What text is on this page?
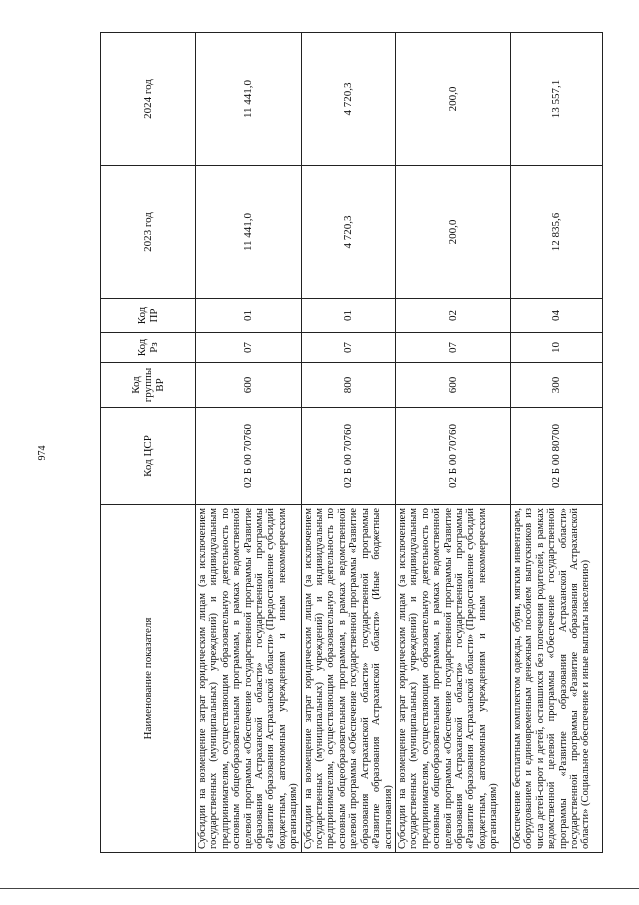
974
Наименование показателя	Код ЦСР	Код группы ВР	Код Рз	Код ПР	2023 год	2024 год
Субсидии на возмещение затрат юридическим лицам (за исключением государственных (муниципальных) учреждений) и индивидуальным предпринимателям, осуществляющим образовательную деятельность по основным общеобразовательным программам, в рамках ведомственной целевой программы «Обеспечение государственной программы «Развитие образования Астраханской области» государственной программы «Развитие образования Астраханской области» (Предоставление субсидий бюджетным, автономным учреждениям и иным некоммерческим организациям)	02 Б 00 70760	600	07	01	11 441,0	11 441,0
Субсидии на возмещение затрат юридическим лицам (за исключением государственных (муниципальных) учреждений) и индивидуальным предпринимателям, осуществляющим образовательную деятельность по основным общеобразовательным программам, в рамках ведомственной целевой программы «Обеспечение государственной программы «Развитие образования Астраханской области» государственной программы «Развитие образования Астраханской области» (Иные бюджетные ассигнования)	02 Б 00 70760	800	07	01	4 720,3	4 720,3
Субсидии на возмещение затрат юридическим лицам (за исключением государственных (муниципальных) учреждений) и индивидуальным предпринимателям, осуществляющим образовательную деятельность по основным общеобразовательным программам, в рамках ведомственной целевой программы «Обеспечение государственной программы «Развитие образования Астраханской области» государственной программы «Развитие образования Астраханской области» (Предоставление субсидий бюджетным, автономным учреждениям и иным некоммерческим организациям)	02 Б 00 70760	600	07	02	200,0	200,0
Обеспечение бесплатным комплектом одежды, обуви, мягким инвентарем, оборудованием и единовременным денежным пособием выпускников из числа детей-сирот и детей, оставшихся без попечения родителей, в рамках ведомственной целевой программы «Обеспечение государственной программы «Развитие образования Астраханской области» государственной программы «Развитие образования Астраханской области» (Социальное обеспечение и иные выплаты населению)	02 Б 00 80700	300	10	04	12 835,6	13 557,1
